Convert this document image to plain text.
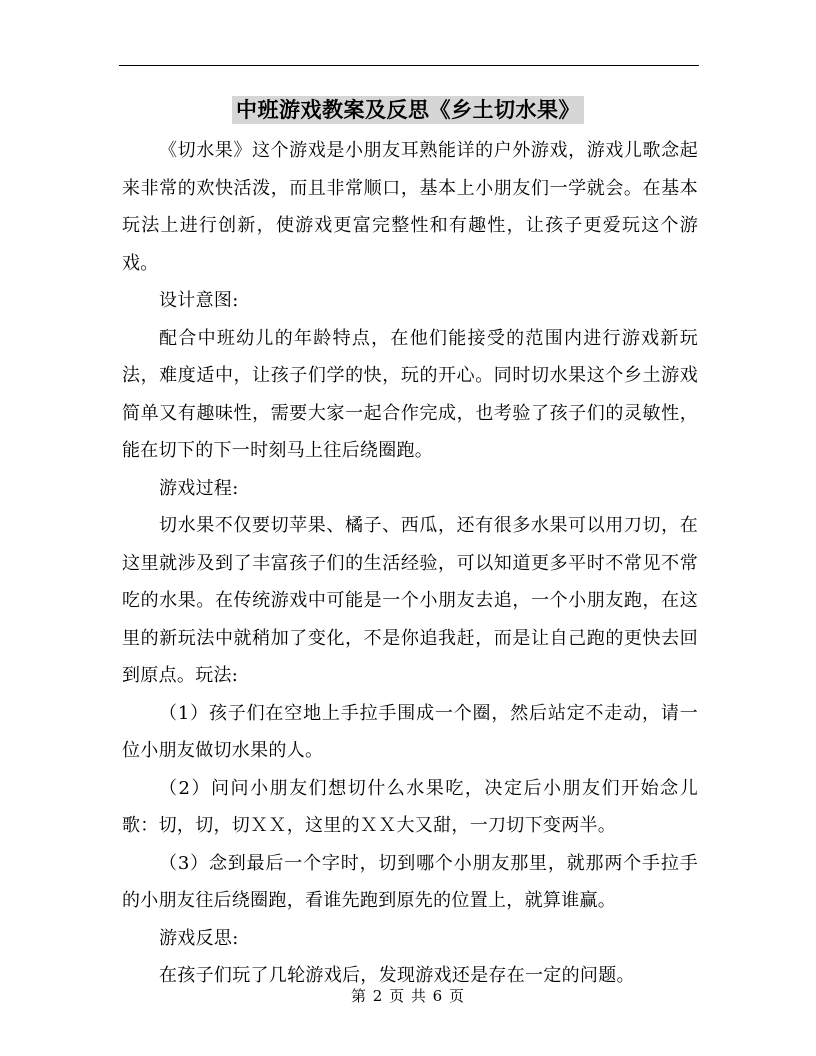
中班游戏教案及反思《乡土切水果》

《切水果》这个游戏是小朋友耳熟能详的户外游戏，游戏儿歌念起来非常的欢快活泼，而且非常顺口，基本上小朋友们一学就会。在基本玩法上进行创新，使游戏更富完整性和有趣性，让孩子更爱玩这个游戏。

设计意图:

配合中班幼儿的年龄特点，在他们能接受的范围内进行游戏新玩法，难度适中，让孩子们学的快，玩的开心。同时切水果这个乡土游戏简单又有趣味性，需要大家一起合作完成，也考验了孩子们的灵敏性，能在切下的下一时刻马上往后绕圈跑。

游戏过程:

切水果不仅要切苹果、橘子、西瓜，还有很多水果可以用刀切，在这里就涉及到了丰富孩子们的生活经验，可以知道更多平时不常见不常吃的水果。在传统游戏中可能是一个小朋友去追，一个小朋友跑，在这里的新玩法中就稍加了变化，不是你追我赶，而是让自己跑的更快去回到原点。玩法:

（1）孩子们在空地上手拉手围成一个圈，然后站定不走动，请一位小朋友做切水果的人。

（2）问问小朋友们想切什么水果吃，决定后小朋友们开始念儿歌：切，切，切ＸＸ，这里的ＸＸ大又甜，一刀切下变两半。

（3）念到最后一个字时，切到哪个小朋友那里，就那两个手拉手的小朋友往后绕圈跑，看谁先跑到原先的位置上，就算谁赢。

游戏反思:

在孩子们玩了几轮游戏后，发现游戏还是存在一定的问题。

第 2 页 共 6 页
